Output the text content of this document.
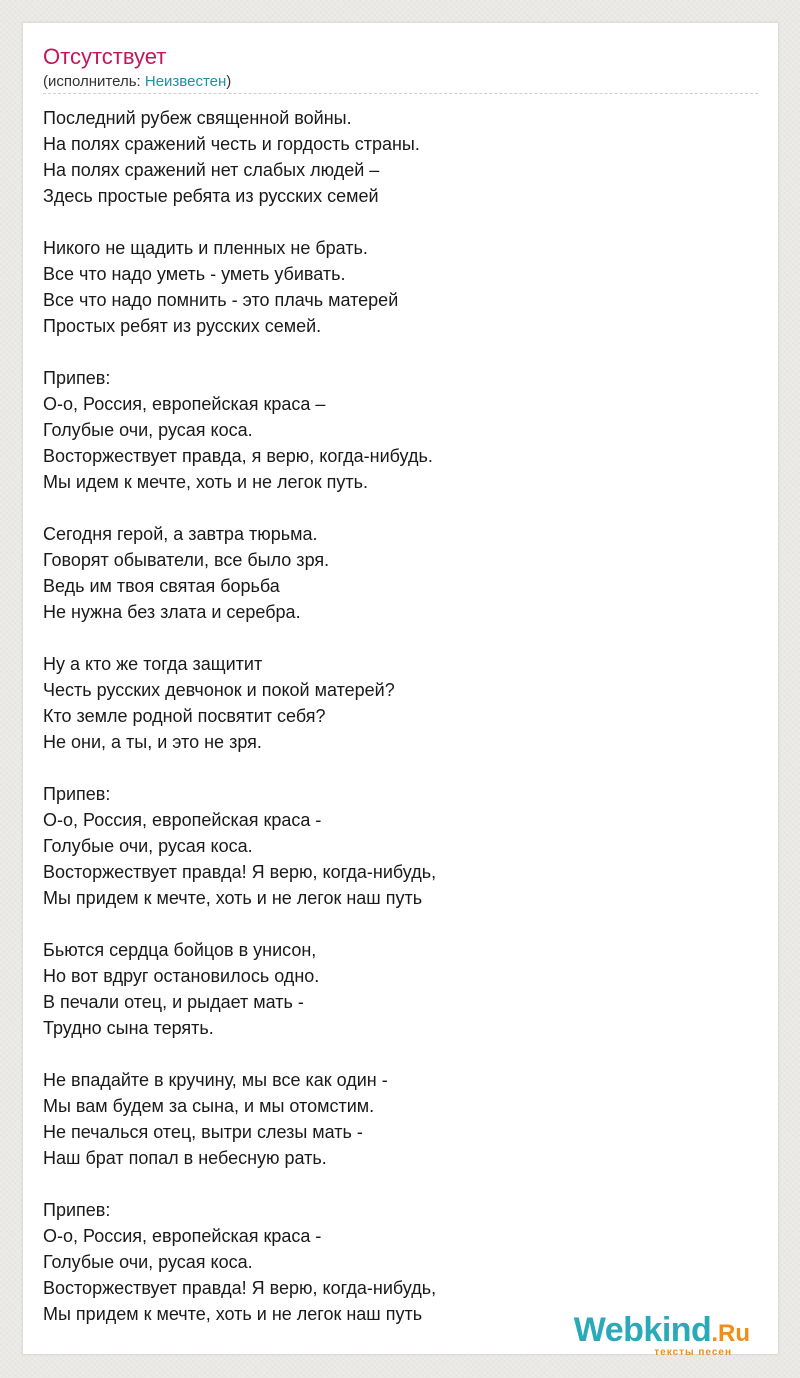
Отсутствует
(исполнитель: Неизвестен)
Последний рубеж священной войны.
На полях сражений честь и гордость страны.
На полях сражений нет слабых людей –
Здесь простые ребята из русских семей
Никого не щадить и пленных не брать.
Все что надо уметь - уметь убивать.
Все что надо помнить - это плачь матерей
Простых ребят из русских семей.
Припев:
О-о, Россия, европейская краса –
Голубые очи, русая коса.
Восторжествует правда, я верю, когда-нибудь.
Мы идем к мечте, хоть и не легок путь.
Сегодня герой, а завтра тюрьма.
Говорят обыватели, все было зря.
Ведь им твоя святая борьба
Не нужна без злата и серебра.
Ну а кто же тогда защитит
Честь русских девчонок и покой матерей?
Кто земле родной посвятит себя?
Не они, а ты, и это не зря.
Припев:
О-о, Россия, европейская краса -
Голубые очи, русая коса.
Восторжествует правда! Я верю, когда-нибудь,
Мы придем к мечте, хоть и не легок наш путь
Бьются сердца бойцов в унисон,
Но вот вдруг остановилось одно.
В печали отец, и рыдает мать -
Трудно сына терять.
Не впадайте в кручину, мы все как один -
Мы вам будем за сына, и мы отомстим.
Не печалься отец, вытри слезы мать -
Наш брат попал в небесную рать.
Припев:
О-о, Россия, европейская краса -
Голубые очи, русая коса.
Восторжествует правда! Я верю, когда-нибудь,
Мы придем к мечте, хоть и не легок наш путь	Webkind.Ru
тексты песен
